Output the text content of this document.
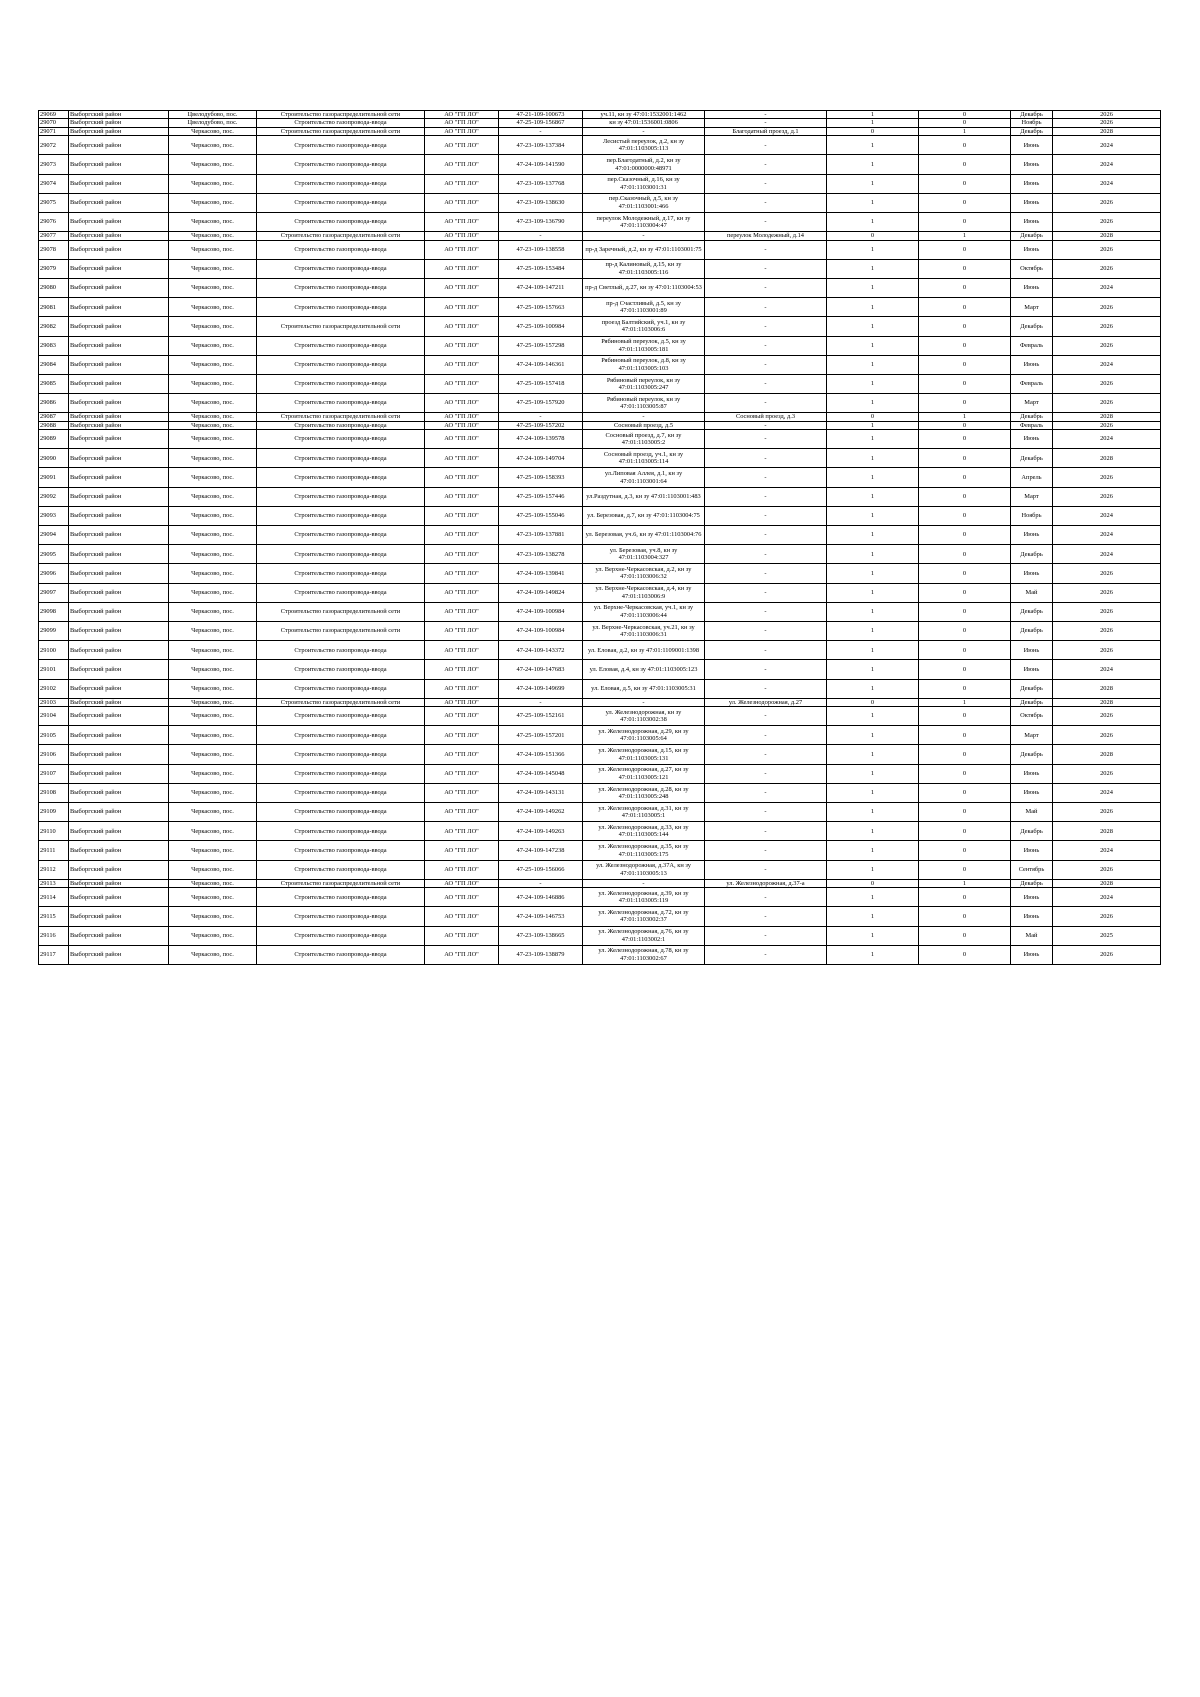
29069	Выборгский район	Цвелодубово, пос.	Строительство газораспределительной сети	АО "ГП ЛО"	47-21-109-100673	уч.11, кн зу 47:01:1532001:1462	-	1	0	Декабрь	2026
29070	Выборгский район	Цвелодубово, пос.	Строительство газопровода-ввода	АО "ГП ЛО"	47-25-109-156867	кн зу 47:01:1536001:0806	-	1	0	Ноябрь	2026
29071	Выборгский район	Черкасово, пос.	Строительство газораспределительной сети	АО "ГП ЛО"	-	-	Благодатный проезд, д.1	0	1	Декабрь	2028
29072	Выборгский район	Черкасово, пос.	Строительство газопровода-ввода	АО "ГП ЛО"	47-23-109-137384	Лесистый переулок, д.2, кн зу 47:01:1103005:113	-	1	0	Июнь	2024
29073	Выборгский район	Черкасово, пос.	Строительство газопровода-ввода	АО "ГП ЛО"	47-24-109-141590	пер.Благодатный, д.2, кн зу 47:01:0000000:48971	-	1	0	Июнь	2024
29074	Выборгский район	Черкасово, пос.	Строительство газопровода-ввода	АО "ГП ЛО"	47-23-109-137768	пер.Сказочный, д.16, кн зу 47:01:1103001:31	-	1	0	Июнь	2024
29075	Выборгский район	Черкасово, пос.	Строительство газопровода-ввода	АО "ГП ЛО"	47-23-109-138630	пер.Сказочный, д.5, кн зу 47:01:1103001:466	-	1	0	Июнь	2026
29076	Выборгский район	Черкасово, пос.	Строительство газопровода-ввода	АО "ГП ЛО"	47-23-109-136790	переулок Молодежный, д.17, кн зу 47:01:1103004:47	-	1	0	Июнь	2026
29077	Выборгский район	Черкасово, пос.	Строительство газораспределительной сети	АО "ГП ЛО"	-	-	переулок Молодежный, д.14	0	1	Декабрь	2028
29078	Выборгский район	Черкасово, пос.	Строительство газопровода-ввода	АО "ГП ЛО"	47-23-109-138558	пр-д Заречный, д.2, кн зу 47:01:1103001:75	-	1	0	Июнь	2026
29079	Выборгский район	Черкасово, пос.	Строительство газопровода-ввода	АО "ГП ЛО"	47-25-109-153484	пр-д Калиновый, д.15, кн зу 47:01:1103005:116	-	1	0	Октябрь	2026
29080	Выборгский район	Черкасово, пос.	Строительство газопровода-ввода	АО "ГП ЛО"	47-24-109-147211	пр-д Светлый, д.27, кн зу 47:01:1103004:53	-	1	0	Июнь	2024
29081	Выборгский район	Черкасово, пос.	Строительство газопровода-ввода	АО "ГП ЛО"	47-25-109-157663	пр-д Счастливый, д.5, кн зу 47:01:1103001:89	-	1	0	Март	2026
29082	Выборгский район	Черкасово, пос.	Строительство газораспределительной сети	АО "ГП ЛО"	47-25-109-100984	проезд Балтийский, уч.1, кн зу 47:01:1103006:6	-	1	0	Декабрь	2026
29083	Выборгский район	Черкасово, пос.	Строительство газопровода-ввода	АО "ГП ЛО"	47-25-109-157298	Рябиновый переулок, д.5, кн зу 47:01:1103005:181	-	1	0	Февраль	2026
29084	Выборгский район	Черкасово, пос.	Строительство газопровода-ввода	АО "ГП ЛО"	47-24-109-146361	Рябиновый переулок, д.8, кн зу 47:01:1103005:103	-	1	0	Июнь	2024
29085	Выборгский район	Черкасово, пос.	Строительство газопровода-ввода	АО "ГП ЛО"	47-25-109-157418	Рябиновый переулок, кн зу 47:01:1103005:247	-	1	0	Февраль	2026
29086	Выборгский район	Черкасово, пос.	Строительство газопровода-ввода	АО "ГП ЛО"	47-25-109-157920	Рябиновый переулок, кн зу 47:01:1103005:87	-	1	0	Март	2026
29087	Выборгский район	Черкасово, пос.	Строительство газораспределительной сети	АО "ГП ЛО"	-	-	Сосновый проезд, д.3	0	1	Декабрь	2028
29088	Выборгский район	Черкасово, пос.	Строительство газопровода-ввода	АО "ГП ЛО"	47-25-109-157202	Сосновый проезд, д.5	-	1	0	Февраль	2026
29089	Выборгский район	Черкасово, пос.	Строительство газопровода-ввода	АО "ГП ЛО"	47-24-109-139578	Сосновый проезд, д.7, кн зу 47:01:1103005:2	-	1	0	Июнь	2024
29090	Выборгский район	Черкасово, пос.	Строительство газопровода-ввода	АО "ГП ЛО"	47-24-109-149704	Сосновый проезд, уч.1, кн зу 47:01:1103005:114	-	1	0	Декабрь	2028
29091	Выборгский район	Черкасово, пос.	Строительство газопровода-ввода	АО "ГП ЛО"	47-25-109-158393	ул.Липовая Аллея, д.1, кн зу 47:01:1103001:64	-	1	0	Апрель	2026
29092	Выборгский район	Черкасово, пос.	Строительство газопровода-ввода	АО "ГП ЛО"	47-25-109-157446	ул.Раздутная, д.3, кн зу 47:01:1103001:483	-	1	0	Март	2026
29093	Выборгский район	Черкасово, пос.	Строительство газопровода-ввода	АО "ГП ЛО"	47-25-109-155046	ул. Березовая, д.7, кн зу 47:01:1103004:75	-	1	0	Ноябрь	2024
29094	Выборгский район	Черкасово, пос.	Строительство газопровода-ввода	АО "ГП ЛО"	47-23-109-137881	ул. Березовая, уч.6, кн зу 47:01:1103004:76	-	1	0	Июнь	2024
29095	Выборгский район	Черкасово, пос.	Строительство газопровода-ввода	АО "ГП ЛО"	47-23-109-138278	ул. Березовая, уч.8, кн зу 47:01:1103004:327	-	1	0	Декабрь	2024
29096	Выборгский район	Черкасово, пос.	Строительство газопровода-ввода	АО "ГП ЛО"	47-24-109-139841	ул. Верхне-Черкасовская, д.2, кн зу 47:01:1103006:32	-	1	0	Июнь	2026
29097	Выборгский район	Черкасово, пос.	Строительство газопровода-ввода	АО "ГП ЛО"	47-24-109-149824	ул. Верхне-Черкасовская, д.4, кн зу 47:01:1103006:9	-	1	0	Май	2026
29098	Выборгский район	Черкасово, пос.	Строительство газораспределительной сети	АО "ГП ЛО"	47-24-109-100984	ул. Верхне-Черкасовская, уч.1, кн зу 47:01:1103006:44	-	1	0	Декабрь	2026
29099	Выборгский район	Черкасово, пос.	Строительство газораспределительной сети	АО "ГП ЛО"	47-24-109-100984	ул. Верхне-Черкасовская, уч.21, кн зу 47:01:1103006:31	-	1	0	Декабрь	2026
29100	Выборгский район	Черкасово, пос.	Строительство газопровода-ввода	АО "ГП ЛО"	47-24-109-143372	ул. Еловая, д.2, кн зу 47:01:1109001:1398	-	1	0	Июнь	2026
29101	Выборгский район	Черкасово, пос.	Строительство газопровода-ввода	АО "ГП ЛО"	47-24-109-147683	ул. Еловая, д.4, кн зу 47:01:1103005:123	-	1	0	Июнь	2024
29102	Выборгский район	Черкасово, пос.	Строительство газопровода-ввода	АО "ГП ЛО"	47-24-109-149699	ул. Еловая, д.5, кн зу 47:01:1103005:31	-	1	0	Декабрь	2028
29103	Выборгский район	Черкасово, пос.	Строительство газораспределительной сети	АО "ГП ЛО"	-	-	ул. Железнодорожная, д.27	0	1	Декабрь	2028
29104	Выборгский район	Черкасово, пос.	Строительство газопровода-ввода	АО "ГП ЛО"	47-25-109-152161	ул. Железнодорожная, кн зу 47:01:1103002:38	-	1	0	Октябрь	2026
29105	Выборгский район	Черкасово, пос.	Строительство газопровода-ввода	АО "ГП ЛО"	47-25-109-157201	ул. Железнодорожная, д.29, кн зу 47:01:1103005:64	-	1	0	Март	2026
29106	Выборгский район	Черкасово, пос.	Строительство газопровода-ввода	АО "ГП ЛО"	47-24-109-151366	ул. Железнодорожная, д.15, кн зу 47:01:1103005:131	-	1	0	Декабрь	2028
29107	Выборгский район	Черкасово, пос.	Строительство газопровода-ввода	АО "ГП ЛО"	47-24-109-145048	ул. Железнодорожная, д.27, кн зу 47:01:1103005:121	-	1	0	Июнь	2026
29108	Выборгский район	Черкасово, пос.	Строительство газопровода-ввода	АО "ГП ЛО"	47-24-109-143131	ул. Железнодорожная, д.28, кн зу 47:01:1103005:248	-	1	0	Июнь	2024
29109	Выборгский район	Черкасово, пос.	Строительство газопровода-ввода	АО "ГП ЛО"	47-24-109-149262	ул. Железнодорожная, д.31, кн зу 47:01:1103005:1	-	1	0	Май	2026
29110	Выборгский район	Черкасово, пос.	Строительство газопровода-ввода	АО "ГП ЛО"	47-24-109-149263	ул. Железнодорожная, д.33, кн зу 47:01:1103005:144	-	1	0	Декабрь	2028
29111	Выборгский район	Черкасово, пос.	Строительство газопровода-ввода	АО "ГП ЛО"	47-24-109-147238	ул. Железнодорожная, д.35, кн зу 47:01:1103005:175	-	1	0	Июнь	2024
29112	Выборгский район	Черкасово, пос.	Строительство газопровода-ввода	АО "ГП ЛО"	47-25-109-156066	ул. Железнодорожная, д.37А, кн зу 47:01:1103005:13	-	1	0	Сентябрь	2026
29113	Выборгский район	Черкасово, пос.	Строительство газораспределительной сети	АО "ГП ЛО"	-	-	ул. Железнодорожная, д.37-а	0	1	Декабрь	2028
29114	Выборгский район	Черкасово, пос.	Строительство газопровода-ввода	АО "ГП ЛО"	47-24-109-146886	ул. Железнодорожная, д.39, кн зу 47:01:1103005:119	-	1	0	Июнь	2024
29115	Выборгский район	Черкасово, пос.	Строительство газопровода-ввода	АО "ГП ЛО"	47-24-109-146753	ул. Железнодорожная, д.72, кн зу 47:01:1103002:37	-	1	0	Июнь	2026
29116	Выборгский район	Черкасово, пос.	Строительство газопровода-ввода	АО "ГП ЛО"	47-23-109-138665	ул. Железнодорожная, д.76, кн зу 47:01:1103002:1	-	1	0	Май	2025
29117	Выборгский район	Черкасово, пос.	Строительство газопровода-ввода	АО "ГП ЛО"	47-23-109-138879	ул. Железнодорожная, д.78, кн зу 47:01:1103002:67	-	1	0	Июнь	2026
